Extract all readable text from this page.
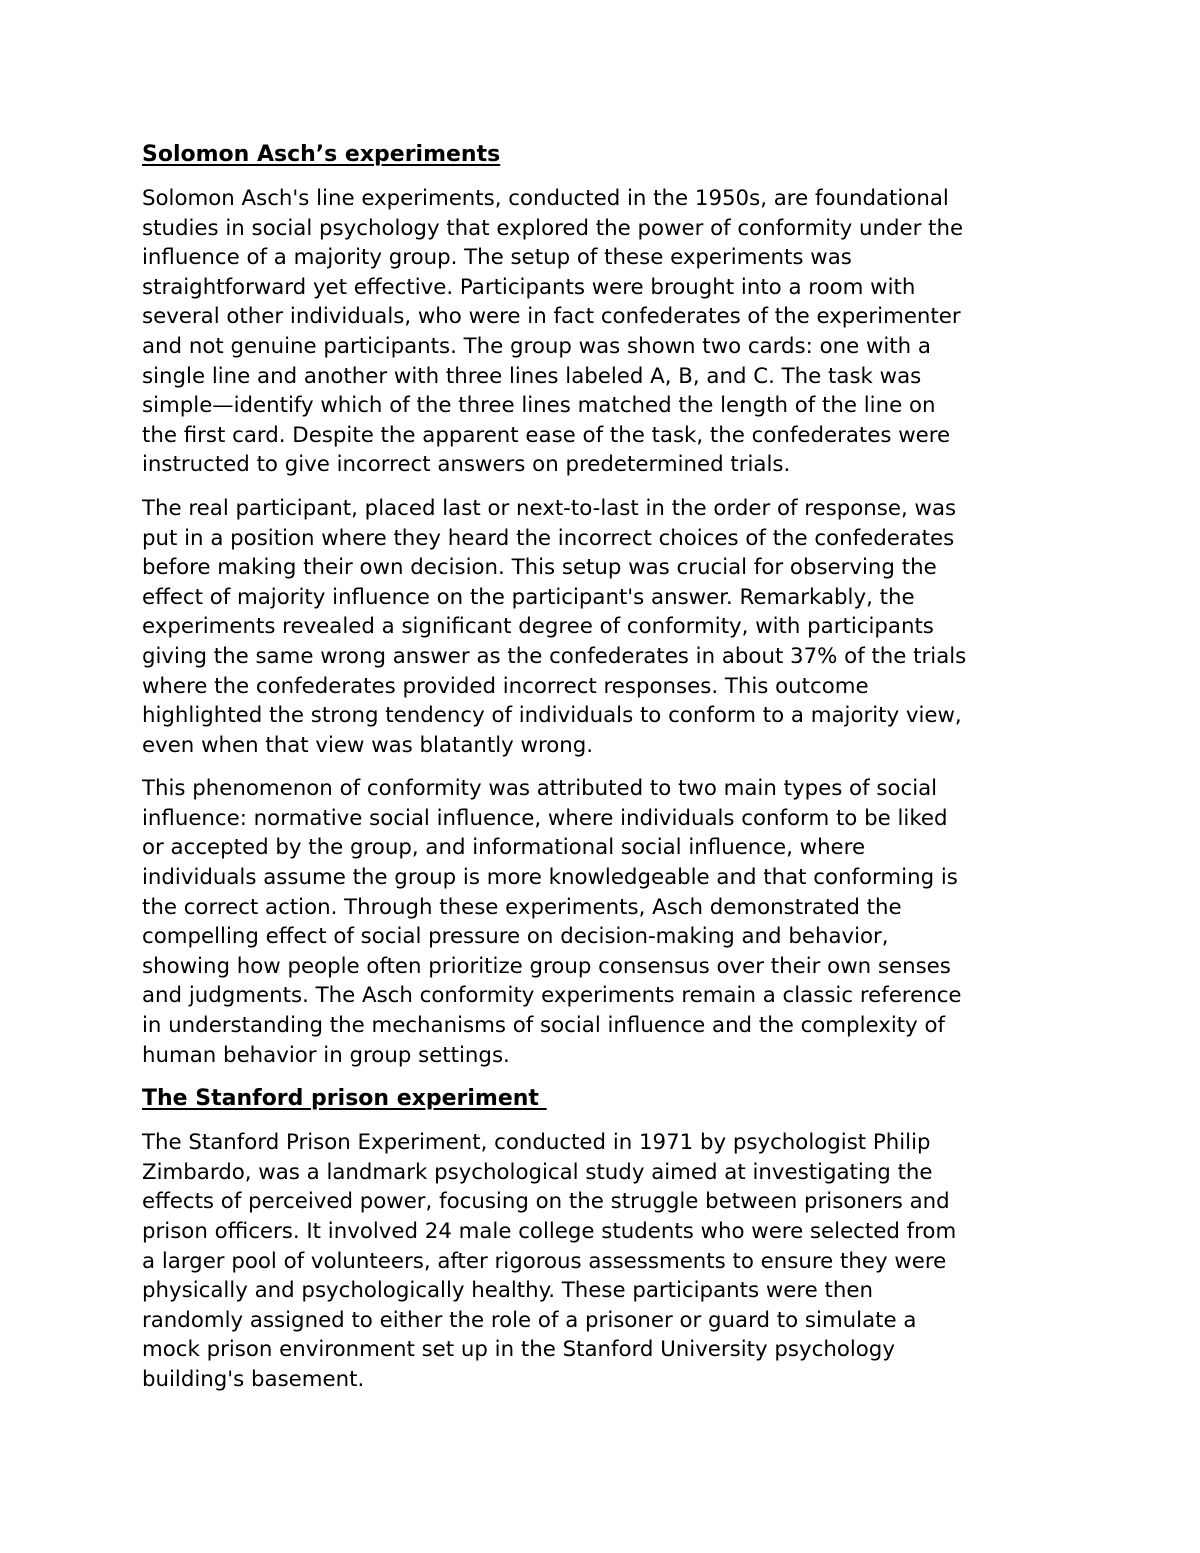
Solomon Asch’s experiments

Solomon Asch's line experiments, conducted in the 1950s, are foundational
studies in social psychology that explored the power of conformity under the
influence of a majority group. The setup of these experiments was
straightforward yet effective. Participants were brought into a room with
several other individuals, who were in fact confederates of the experimenter
and not genuine participants. The group was shown two cards: one with a
single line and another with three lines labeled A, B, and C. The task was
simple—identify which of the three lines matched the length of the line on
the first card. Despite the apparent ease of the task, the confederates were
instructed to give incorrect answers on predetermined trials.

The real participant, placed last or next-to-last in the order of response, was
put in a position where they heard the incorrect choices of the confederates
before making their own decision. This setup was crucial for observing the
effect of majority influence on the participant's answer. Remarkably, the
experiments revealed a significant degree of conformity, with participants
giving the same wrong answer as the confederates in about 37% of the trials
where the confederates provided incorrect responses. This outcome
highlighted the strong tendency of individuals to conform to a majority view,
even when that view was blatantly wrong.

This phenomenon of conformity was attributed to two main types of social
influence: normative social influence, where individuals conform to be liked
or accepted by the group, and informational social influence, where
individuals assume the group is more knowledgeable and that conforming is
the correct action. Through these experiments, Asch demonstrated the
compelling effect of social pressure on decision-making and behavior,
showing how people often prioritize group consensus over their own senses
and judgments. The Asch conformity experiments remain a classic reference
in understanding the mechanisms of social influence and the complexity of
human behavior in group settings.

The Stanford prison experiment

The Stanford Prison Experiment, conducted in 1971 by psychologist Philip
Zimbardo, was a landmark psychological study aimed at investigating the
effects of perceived power, focusing on the struggle between prisoners and
prison officers. It involved 24 male college students who were selected from
a larger pool of volunteers, after rigorous assessments to ensure they were
physically and psychologically healthy. These participants were then
randomly assigned to either the role of a prisoner or guard to simulate a
mock prison environment set up in the Stanford University psychology
building's basement.
